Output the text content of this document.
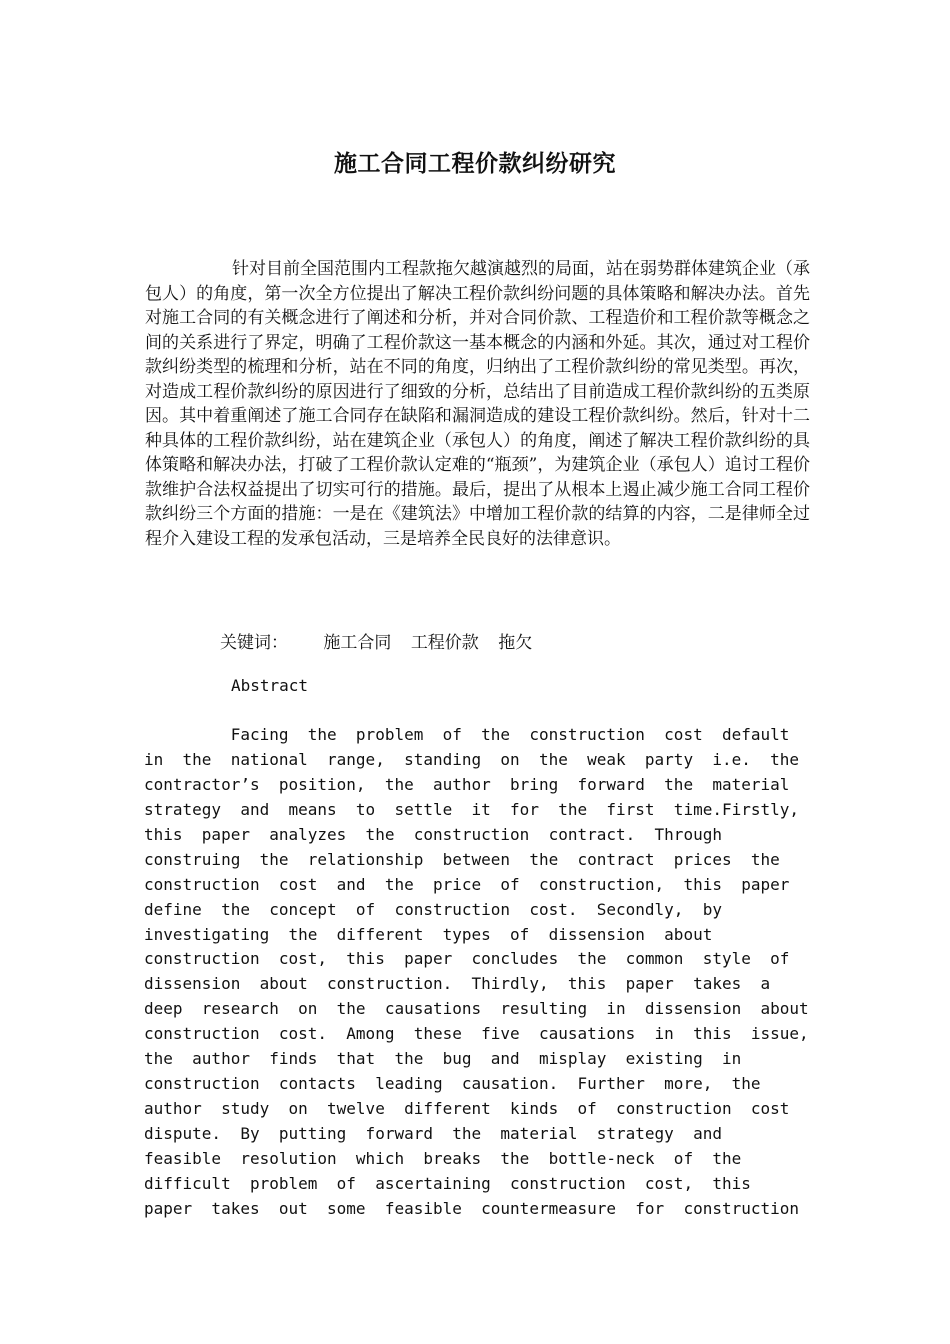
施工合同工程价款纠纷研究

针对目前全国范围内工程款拖欠越演越烈的局面，站在弱势群体建筑企业（承包人）的角度，第一次全方位提出了解决工程价款纠纷问题的具体策略和解决办法。首先对施工合同的有关概念进行了阐述和分析，并对合同价款、工程造价和工程价款等概念之间的关系进行了界定，明确了工程价款这一基本概念的内涵和外延。其次，通过对工程价款纠纷类型的梳理和分析，站在不同的角度，归纳出了工程价款纠纷的常见类型。再次，对造成工程价款纠纷的原因进行了细致的分析，总结出了目前造成工程价款纠纷的五类原因。其中着重阐述了施工合同存在缺陷和漏洞造成的建设工程价款纠纷。然后，针对十二种具体的工程价款纠纷，站在建筑企业（承包人）的角度，阐述了解决工程价款纠纷的具体策略和解决办法，打破了工程价款认定难的“瓶颈”，为建筑企业（承包人）追讨工程价款维护合法权益提出了切实可行的措施。最后，提出了从根本上遏止减少施工合同工程价款纠纷三个方面的措施：一是在《建筑法》中增加工程价款的结算的内容，二是律师全过程介入建设工程的发承包活动，三是培养全民良好的法律意识。

关键词： 施工合同 工程价款 拖欠
Abstract
Facing  the  problem  of  the  construction  cost  default
in  the  national  range,  standing  on  the  weak  party  i.e.  the
contractor’s  position,  the  author  bring  forward  the  material
strategy  and  means  to  settle  it  for  the  first  time.Firstly,
this  paper  analyzes  the  construction  contract.  Through
construing  the  relationship  between  the  contract  prices  the
construction  cost  and  the  price  of  construction,  this  paper
define  the  concept  of  construction  cost.  Secondly,  by
investigating  the  different  types  of  dissension  about
construction  cost,  this  paper  concludes  the  common  style  of
dissension  about  construction.  Thirdly,  this  paper  takes  a
deep  research  on  the  causations  resulting  in  dissension  about
construction  cost.  Among  these  five  causations  in  this  issue,
the  author  finds  that  the  bug  and  misplay  existing  in
construction  contacts  leading  causation.  Further  more,  the
author  study  on  twelve  different  kinds  of  construction  cost
dispute.  By  putting  forward  the  material  strategy  and
feasible  resolution  which  breaks  the  bottle-neck  of  the
difficult  problem  of  ascertaining  construction  cost,  this
paper  takes  out  some  feasible  countermeasure  for  construction
